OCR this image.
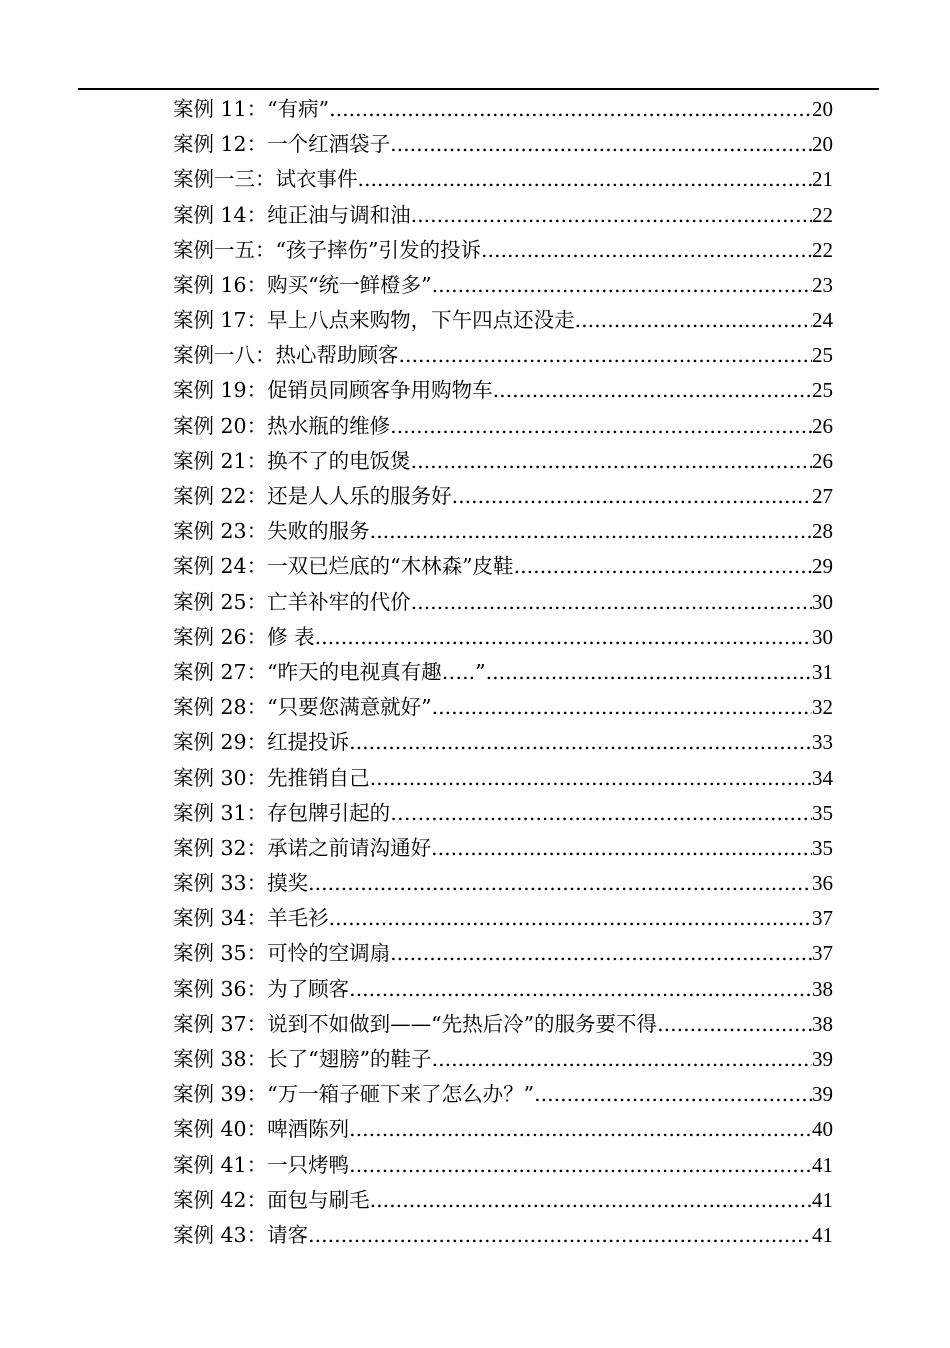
案例 11：“有病” .....	20
案例 12：一个红酒袋子 .....	20
案例一三：试衣事件 .....	21
案例 14：纯正油与调和油 .....	22
案例一五：“孩子摔伤”引发的投诉 .....	22
案例 16：购买“统一鲜橙多” .....	23
案例 17：早上八点来购物，下午四点还没走 .....	24
案例一八：热心帮助顾客 .....	25
案例 19：促销员同顾客争用购物车 .....	25
案例 20：热水瓶的维修 .....	26
案例 21：换不了的电饭煲 .....	26
案例 22：还是人人乐的服务好 .....	27
案例 23：失败的服务 .....	28
案例 24：一双已烂底的“木林森”皮鞋 .....	29
案例 25：亡羊补牢的代价 .....	30
案例 26：修 表 .....	30
案例 27：“昨天的电视真有趣…..” .....	31
案例 28：“只要您满意就好” .....	32
案例 29：红提投诉 .....	33
案例 30：先推销自己 .....	34
案例 31：存包牌引起的…… .....	35
案例 32：承诺之前请沟通好 .....	35
案例 33：摸奖 .....	36
案例 34：羊毛衫 .....	37
案例 35：可怜的空调扇 .....	37
案例 36：为了顾客 .....	38
案例 37：说到不如做到——“先热后冷”的服务要不得 .....	38
案例 38：长了“翅膀”的鞋子 .....	39
案例 39：“万一箱子砸下来了怎么办？” .....	39
案例 40：啤酒陈列 .....	40
案例 41：一只烤鸭 .....	41
案例 42：面包与刷毛 .....	41
案例 43：请客 .....	41
